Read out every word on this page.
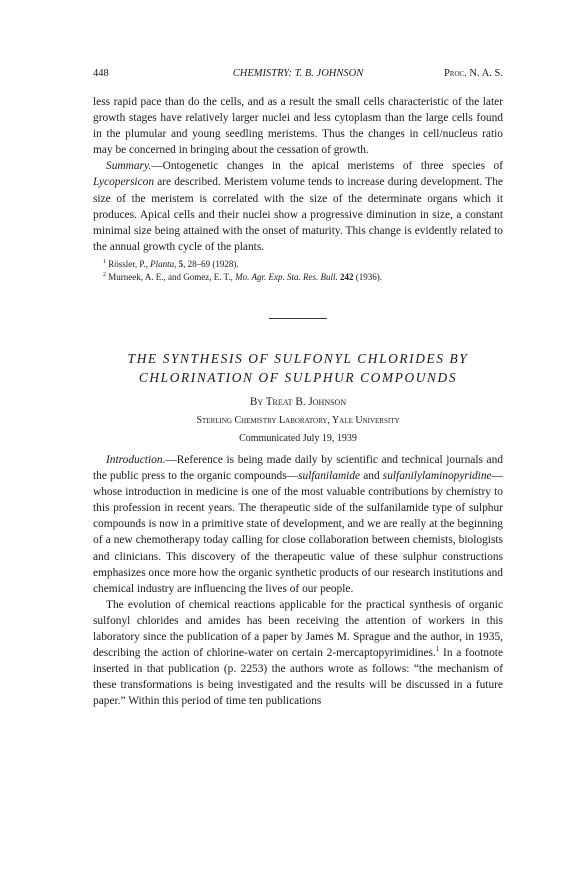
448	CHEMISTRY: T. B. JOHNSON	Proc. N. A. S.

less rapid pace than do the cells, and as a result the small cells characteristic of the later growth stages have relatively larger nuclei and less cytoplasm than the large cells found in the plumular and young seedling meristems. Thus the changes in cell/nucleus ratio may be concerned in bringing about the cessation of growth.

Summary.—Ontogenetic changes in the apical meristems of three species of Lycopersicon are described. Meristem volume tends to increase during development. The size of the meristem is correlated with the size of the determinate organs which it produces. Apical cells and their nuclei show a progressive diminution in size, a constant minimal size being attained with the onset of maturity. This change is evidently related to the annual growth cycle of the plants.

$^1$ Rössler, P., Planta, 5, 28–69 (1928).

$^2$ Murneek, A. E., and Gomez, E. T., Mo. Agr. Exp. Sta. Res. Bull. 242 (1936).

THE SYNTHESIS OF SULFONYL CHLORIDES BY

CHLORINATION OF SULPHUR COMPOUNDS

By Treat B. Johnson
Sterling Chemistry Laboratory, Yale University
Communicated July 19, 1939

Introduction.—Reference is being made daily by scientific and technical journals and the public press to the organic compounds—sulfanilamide and sulfanilylaminopyridine—whose introduction in medicine is one of the most valuable contributions by chemistry to this profession in recent years. The therapeutic side of the sulfanilamide type of sulphur compounds is now in a primitive state of development, and we are really at the beginning of a new chemotherapy today calling for close collaboration between chemists, biologists and clinicians. This discovery of the therapeutic value of these sulphur constructions emphasizes once more how the organic synthetic products of our research institutions and chemical industry are influencing the lives of our people.

The evolution of chemical reactions applicable for the practical synthesis of organic sulfonyl chlorides and amides has been receiving the attention of workers in this laboratory since the publication of a paper by James M. Sprague and the author, in 1935, describing the action of chlorine-water on certain 2-mercaptopyrimidines.$^1$ In a footnote inserted in that publication (p. 2253) the authors wrote as follows: “the mechanism of these transformations is being investigated and the results will be discussed in a future paper.” Within this period of time ten publications
